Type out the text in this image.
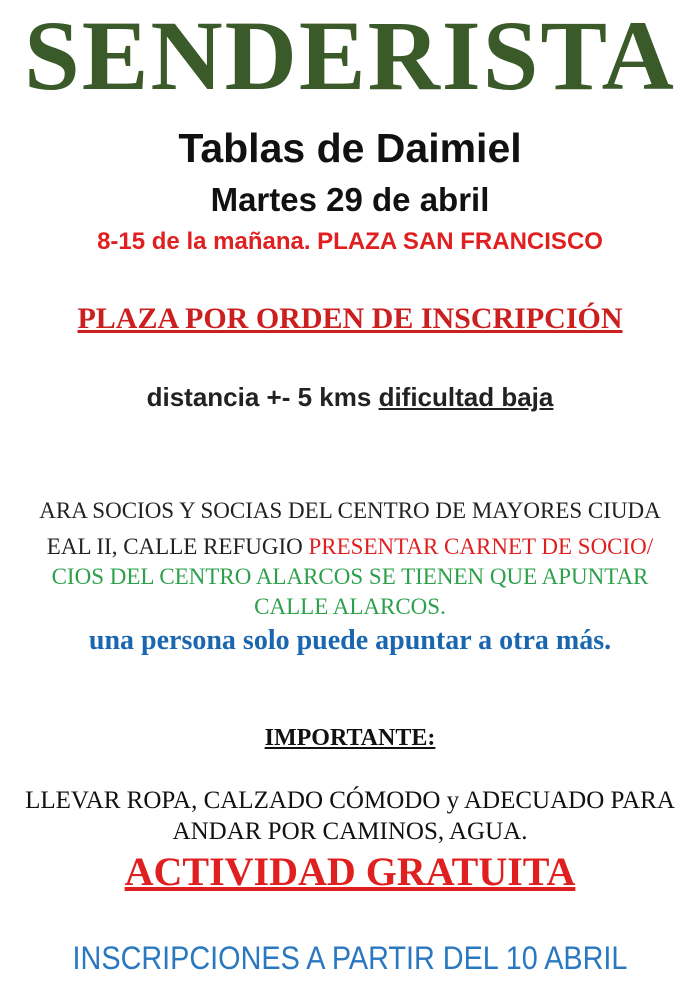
SENDERISTA
Tablas de Daimiel
Martes 29 de abril
8-15 de la mañana. PLAZA SAN FRANCISCO
PLAZA POR ORDEN DE INSCRIPCIÓN
distancia +- 5 kms dificultad baja
ARA SOCIOS Y SOCIAS DEL CENTRO DE MAYORES CIUDA
EAL II, CALLE REFUGIO PRESENTAR CARNET DE SOCIO/
CIOS DEL CENTRO ALARCOS SE TIENEN QUE APUNTAR
CALLE ALARCOS.
una persona solo puede apuntar a otra más.
IMPORTANTE:
LLEVAR ROPA, CALZADO CÓMODO y ADECUADO PARA
ANDAR POR CAMINOS, AGUA.
ACTIVIDAD GRATUITA
INSCRIPCIONES A PARTIR DEL 10 ABRIL
